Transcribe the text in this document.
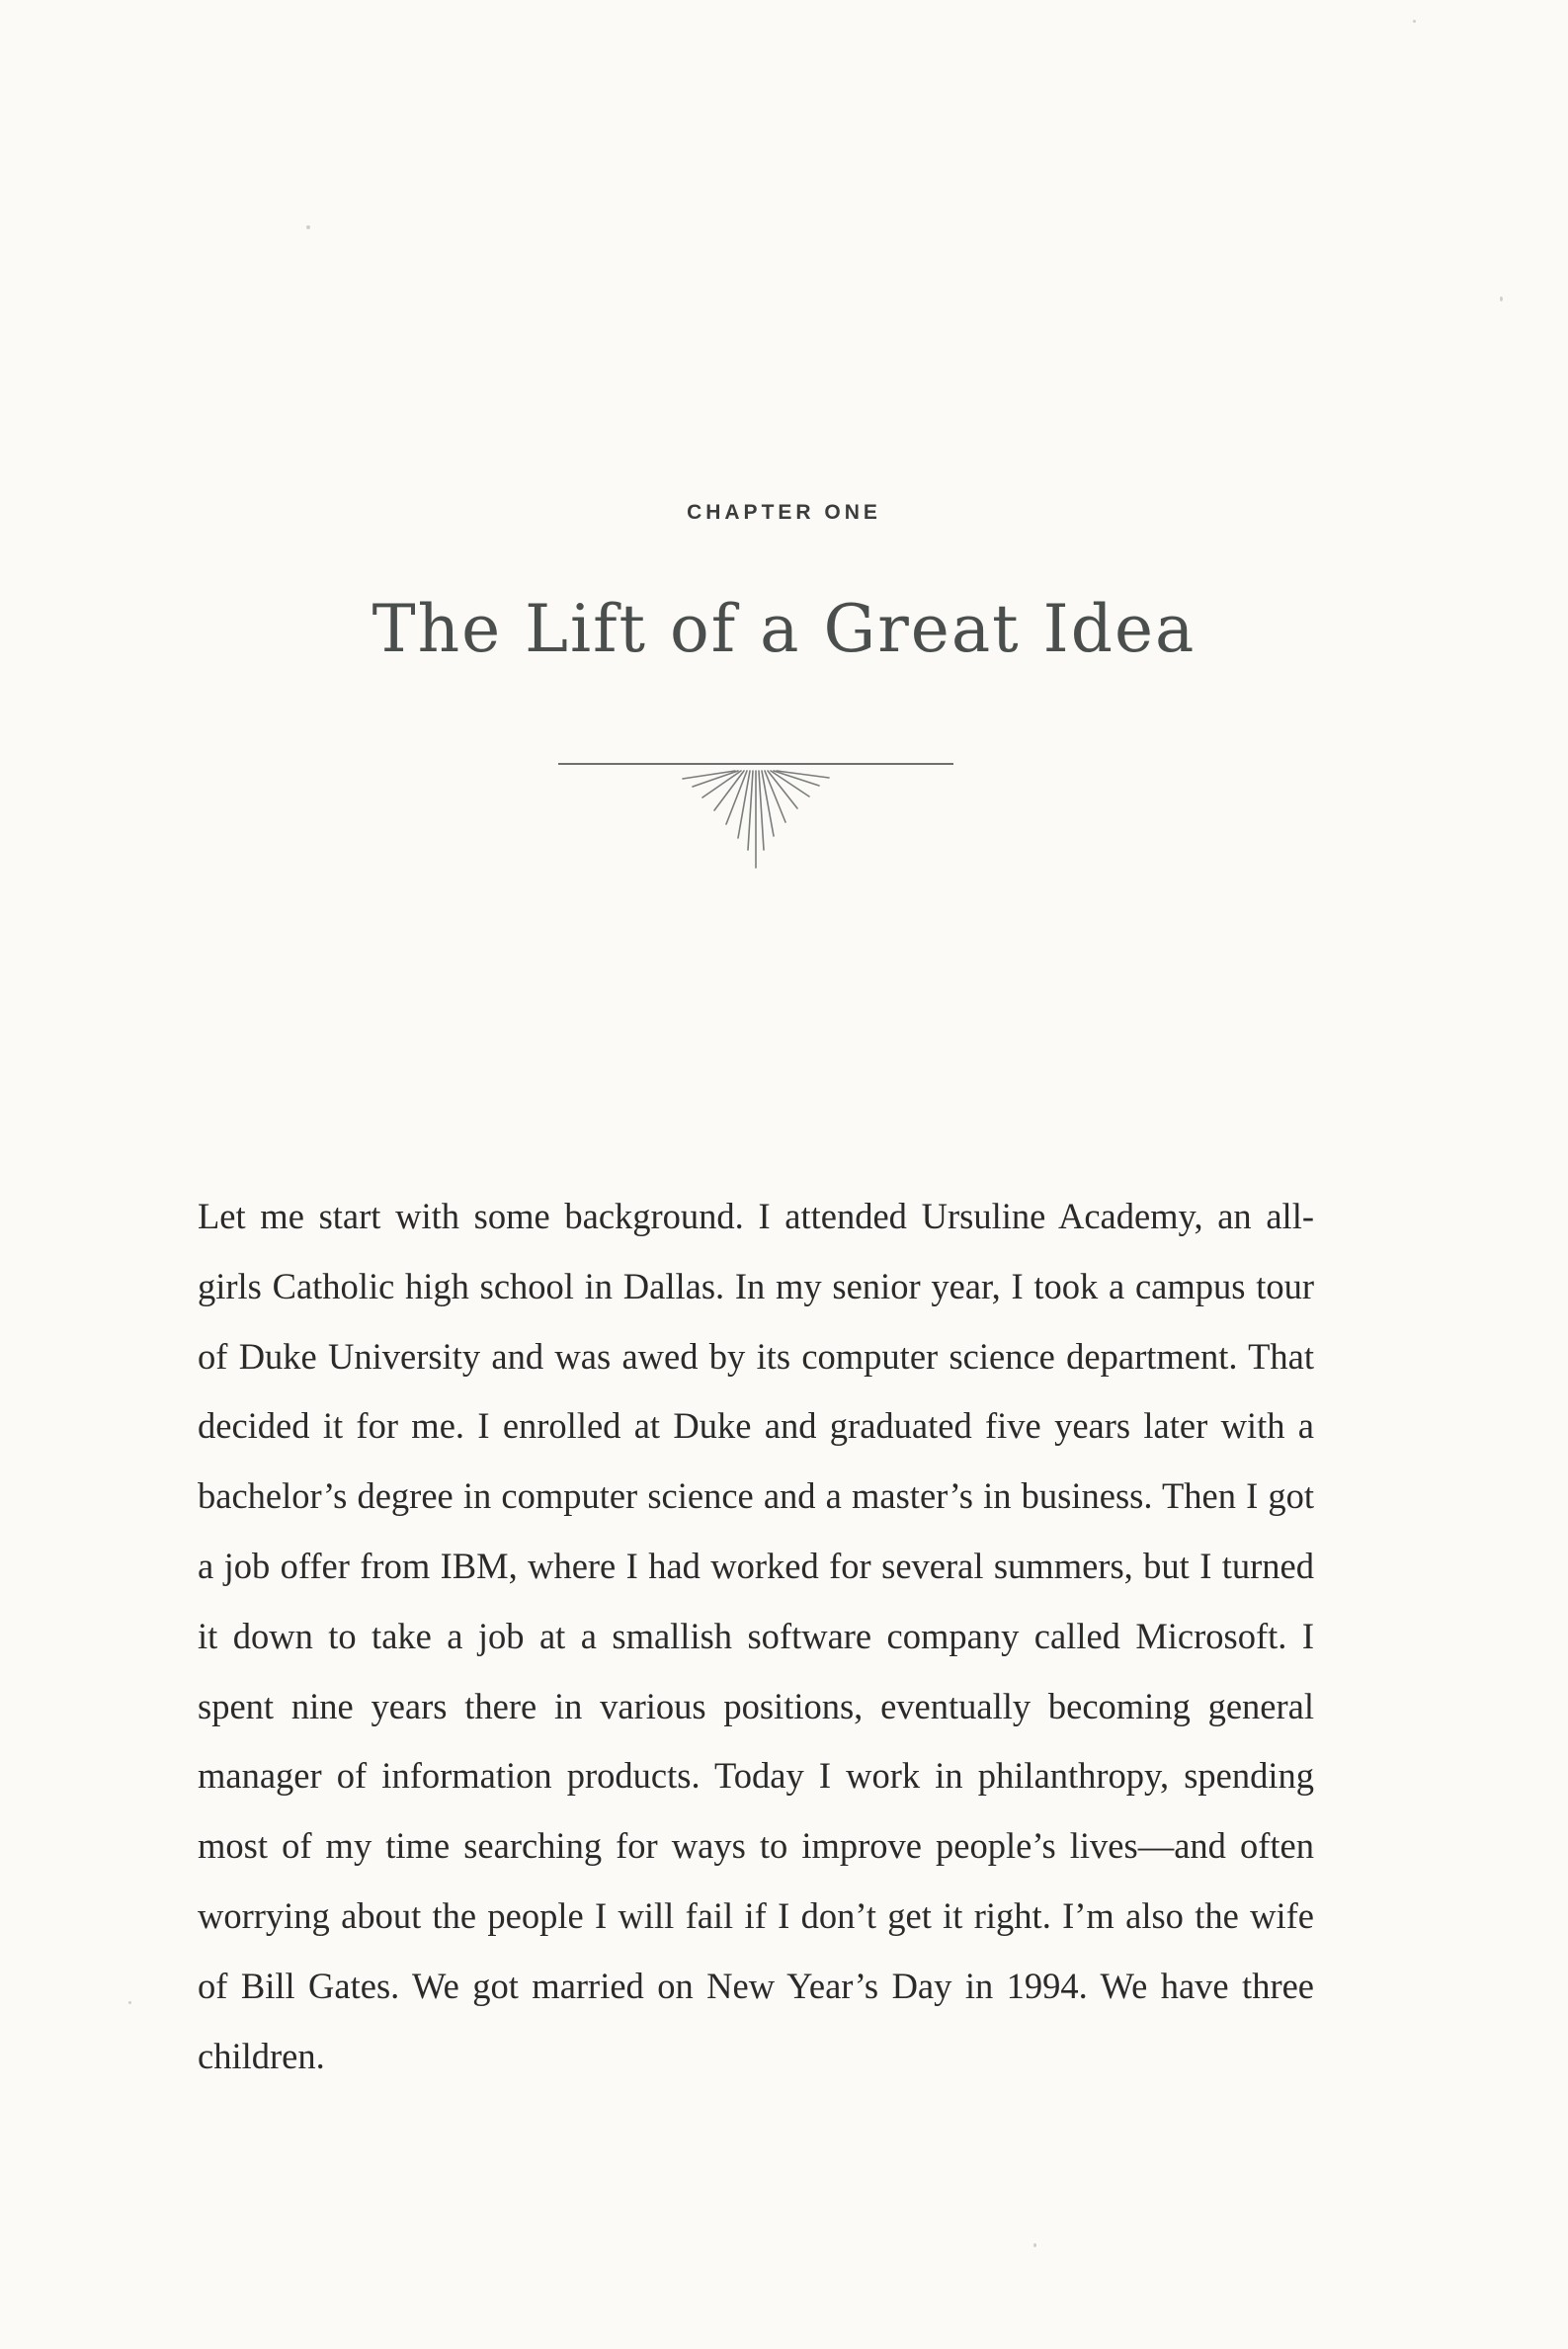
CHAPTER ONE
The Lift of a Great Idea

Let me start with some background. I attended Ursuline Academy, an all-girls Catholic high school in Dallas. In my senior year, I took a campus tour of Duke University and was awed by its computer science department. That decided it for me. I enrolled at Duke and graduated five years later with a bachelor’s degree in computer science and a master’s in business. Then I got a job offer from IBM, where I had worked for several summers, but I turned it down to take a job at a smallish software company called Microsoft. I spent nine years there in various positions, eventually becoming general manager of information products. Today I work in philanthropy, spending most of my time searching for ways to improve people’s lives—and often worrying about the people I will fail if I don’t get it right. I’m also the wife of Bill Gates. We got married on New Year’s Day in 1994. We have three children.
